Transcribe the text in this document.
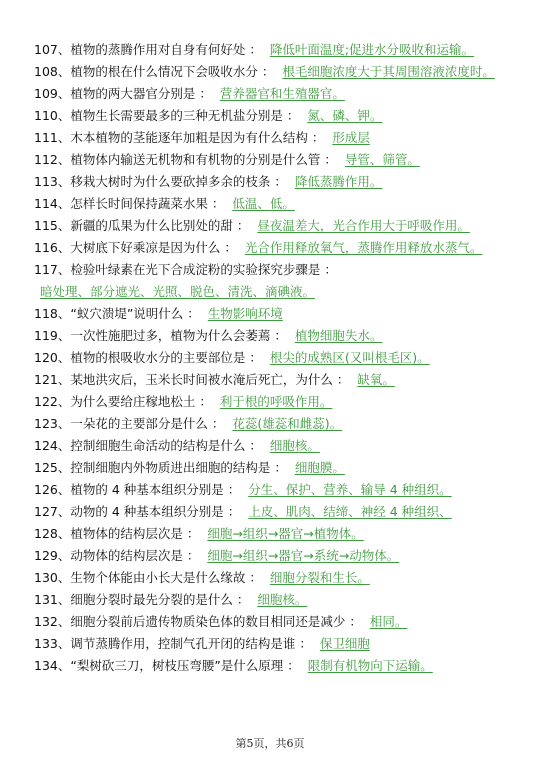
107、植物的蒸腾作用对自身有何好处 ： 降低叶面温度;促进水分吸收和运输。
108、植物的根在什么情况下会吸收水分 ： 根毛细胞浓度大于其周围溶液浓度时。
109、植物的两大器官分别是 ： 营养器官和生殖器官。
110、植物生长需要最多的三种无机盐分别是 ： 氮、磷、钾。
111、木本植物的茎能逐年加粗是因为有什么结构 ： 形成层
112、植物体内输送无机物和有机物的分别是什么管 ： 导管、筛管。
113、移栽大树时为什么要砍掉多余的枝条 ： 降低蒸腾作用。
114、怎样长时间保持蔬菜水果 ： 低温、低。
115、新疆的瓜果为什么比别处的甜 ： 昼夜温差大，光合作用大于呼吸作用。
116、大树底下好乘凉是因为什么 ： 光合作用释放氧气，蒸腾作用释放水蒸气。
117、检验叶绿素在光下合成淀粉的实验探究步骤是 ：
暗处理、部分遮光、光照、脱色、清洗、滴碘液。
118、“蚁穴溃堤”说明什么 ： 生物影响环境
119、一次性施肥过多，植物为什么会萎蔫 ： 植物细胞失水。
120、植物的根吸收水分的主要部位是 ： 根尖的成熟区(又叫根毛区)。
121、某地洪灾后，玉米长时间被水淹后死亡，为什么 ： 缺氧。
122、为什么要给庄稼地松土 ： 利于根的呼吸作用。
123、一朵花的主要部分是什么 ： 花蕊(雄蕊和雌蕊)。
124、控制细胞生命活动的结构是什么 ： 细胞核。
125、控制细胞内外物质进出细胞的结构是 ： 细胞膜。
126、植物的 4 种基本组织分别是 ： 分生、保护、营养、输导 4 种组织。
127、动物的 4 种基本组织分别是 ： 上皮、肌肉、结缔、神经 4 种组织、
128、植物体的结构层次是 ： 细胞→组织→器官→植物体。
129、动物体的结构层次是 ： 细胞→组织→器官→系统→动物体。
130、生物个体能由小长大是什么缘故 ： 细胞分裂和生长。
131、细胞分裂时最先分裂的是什么 ： 细胞核。
132、细胞分裂前后遗传物质染色体的数目相同还是减少 ： 相同。
133、调节蒸腾作用，控制气孔开闭的结构是谁 ： 保卫细胞
134、“梨树砍三刀，树枝压弯腰”是什么原理 ： 限制有机物向下运输。
第5页，共6页
